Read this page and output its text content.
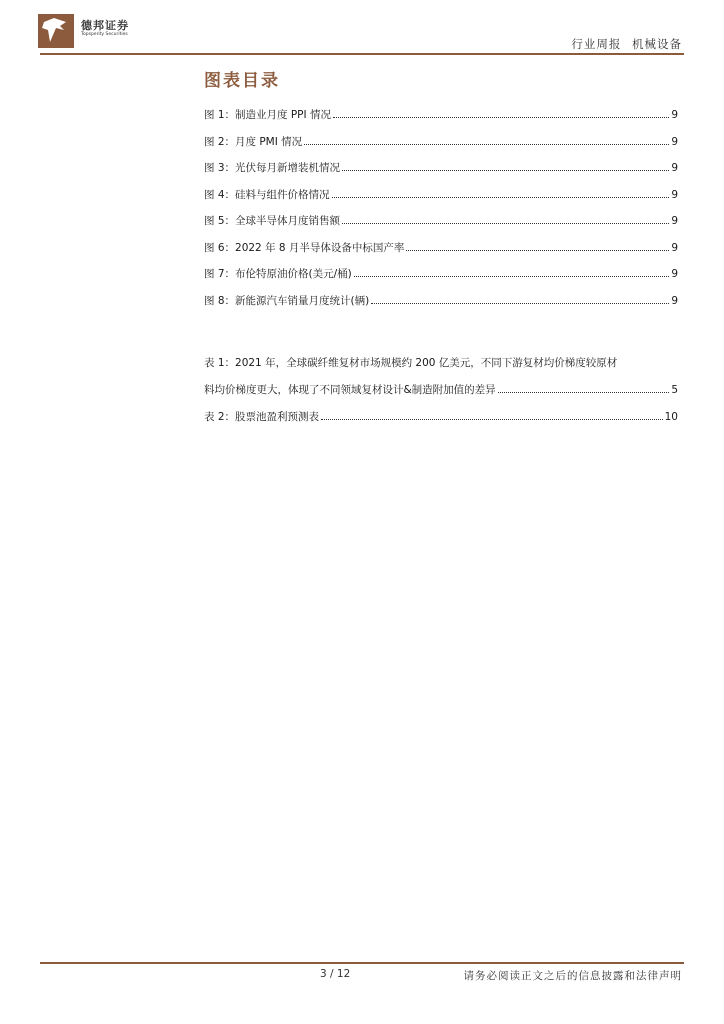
德邦证券
Topsperity Securities
行业周报 机械设备
图表目录
图 1：制造业月度 PPI 情况	9
图 2：月度 PMI 情况	9
图 3：光伏每月新增装机情况	9
图 4：硅料与组件价格情况	9
图 5：全球半导体月度销售额	9
图 6：2022 年 8 月半导体设备中标国产率	9
图 7：布伦特原油价格(美元/桶)	9
图 8：新能源汽车销量月度统计(辆)	9
表 1：2021 年，全球碳纤维复材市场规模约 200 亿美元，不同下游复材均价梯度较原材
料均价梯度更大，体现了不同领域复材设计&制造附加值的差异	5
表 2：股票池盈利预测表	10
3 / 12	请务必阅读正文之后的信息披露和法律声明
